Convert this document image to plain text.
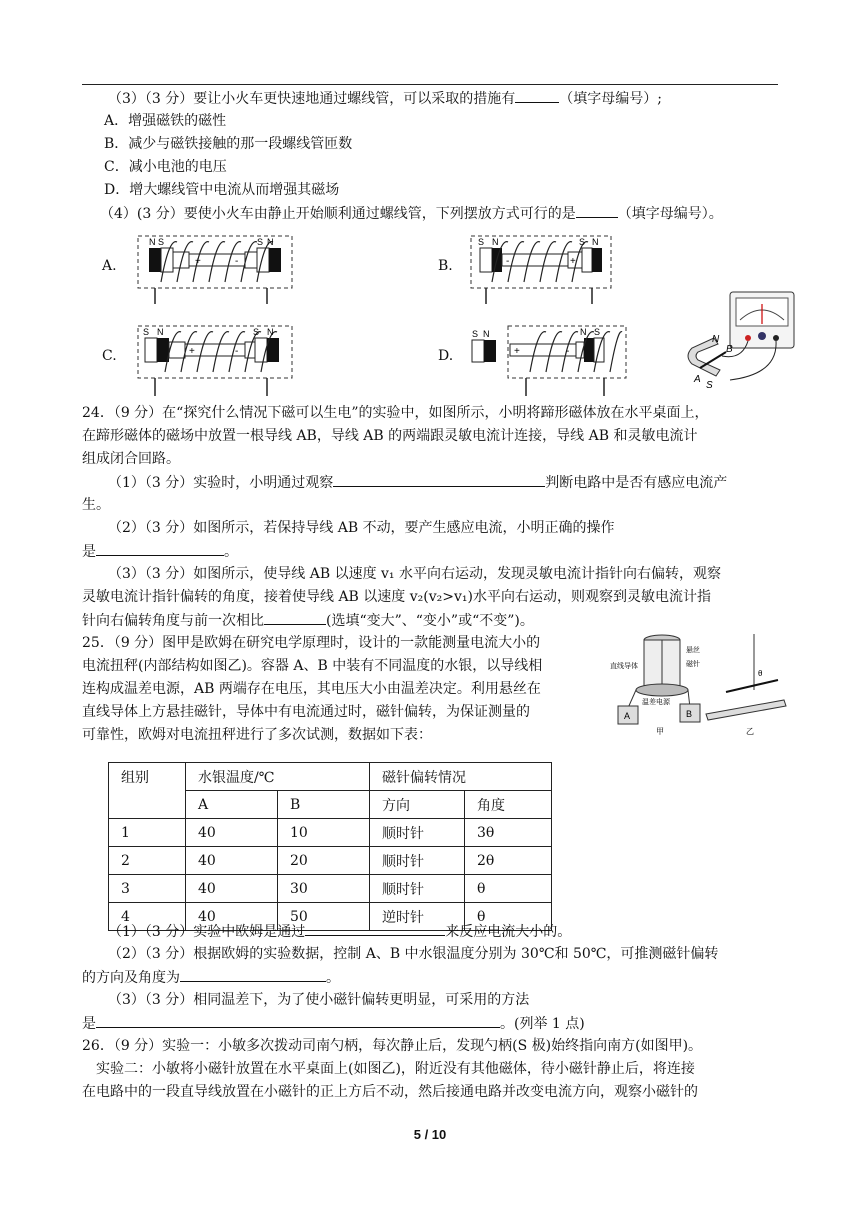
（3）（3 分）要让小火车更快速地通过螺线管，可以采取的措施有	（填字母编号）;
A．增强磁铁的磁性
B．减少与磁铁接触的那一段螺线管匝数
C．减小电池的电压
D．增大螺线管中电流从而增强其磁场
（4）(3 分）要使小火车由静止开始顺利通过螺线管，下列摆放方式可行的是	（填字母编号）。
A.
N S	S N
+	-	B.
S N	S N
-	+
C.
S N	S N
+	-	D.
S N	N S
+	-
N
B
A
S
24．（9 分）在“探究什么情况下磁可以生电”的实验中，如图所示，小明将蹄形磁体放在水平桌面上，
在蹄形磁体的磁场中放置一根导线 AB，导线 AB 的两端跟灵敏电流计连接，导线 AB 和灵敏电流计
组成闭合回路。
（1）（3 分）实验时，小明通过观察	判断电路中是否有感应电流产
生。
（2）（3 分）如图所示，若保持导线 AB 不动，要产生感应电流，小明正确的操作
是	。
（3）（3 分）如图所示，使导线 AB 以速度 v₁ 水平向右运动，发现灵敏电流计指针向右偏转，观察
灵敏电流计指针偏转的角度，接着使导线 AB 以速度 v₂(v₂>v₁)水平向右运动，则观察到灵敏电流计指
针向右偏转角度与前一次相比	(选填“变大”、“变小”或“不变”)。
25．（9 分）图甲是欧姆在研究电学原理时，设计的一款能测量电流大小的
电流扭秤(内部结构如图乙)。容器 A、B 中装有不同温度的水银，以导线相
连构成温差电源，AB 两端存在电压，其电压大小由温差决定。利用悬丝在
直线导体上方悬挂磁针，导体中有电流通过时，磁针偏转，为保证测量的
可靠性，欧姆对电流扭秤进行了多次试测，数据如下表：
A	B
直线导体
悬丝
磁针
温差电源
甲
θ
乙
组别	水银温度/℃		磁针偏转情况	
	A	B	方向	角度
1	40	10	顺时针	3θ
2	40	20	顺时针	2θ
3	40	30	顺时针	θ
4	40	50	逆时针	θ
（1）（3 分）实验中欧姆是通过	来反应电流大小的。
（2）（3 分）根据欧姆的实验数据，控制 A、B 中水银温度分别为 30℃和 50℃，可推测磁针偏转
的方向及角度为	。
（3）（3 分）相同温差下，为了使小磁针偏转更明显，可采用的方法
是	。(列举 1 点)
26．（9 分）实验一：小敏多次拨动司南勺柄，每次静止后，发现勺柄(S 极)始终指向南方(如图甲)。
实验二：小敏将小磁针放置在水平桌面上(如图乙)，附近没有其他磁体，待小磁针静止后，将连接
在电路中的一段直导线放置在小磁针的正上方后不动，然后接通电路并改变电流方向，观察小磁针的
5 / 10
